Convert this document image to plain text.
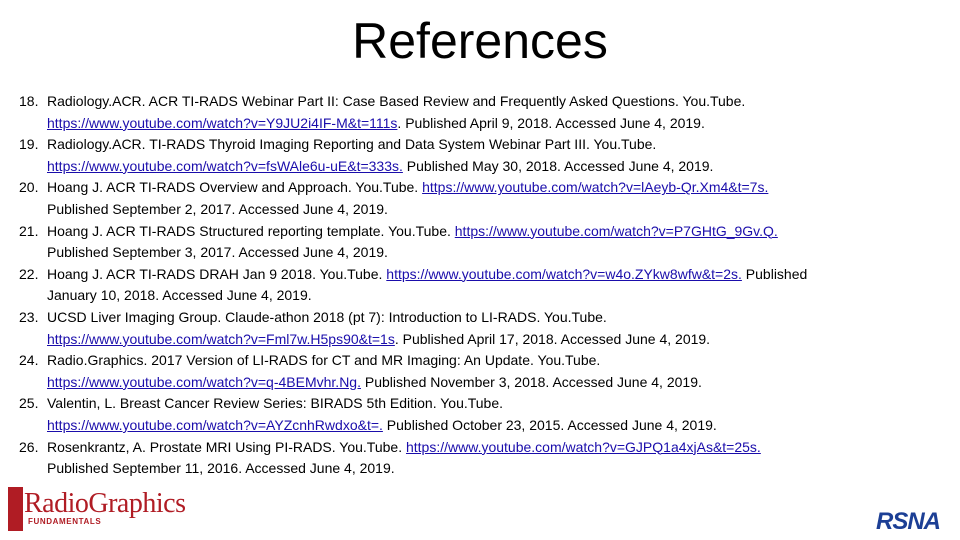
References
18. Radiology.ACR. ACR TI-RADS Webinar Part II: Case Based Review and Frequently Asked Questions. You.Tube.
https://www.youtube.com/watch?v=Y9JU2i4IF-M&t=111s. Published April 9, 2018. Accessed June 4, 2019.
19. Radiology.ACR. TI-RADS Thyroid Imaging Reporting and Data System Webinar Part III. You.Tube.
https://www.youtube.com/watch?v=fsWAle6u-uE&t=333s. Published May 30, 2018. Accessed June 4, 2019.
20. Hoang J. ACR TI-RADS Overview and Approach. You.Tube. https://www.youtube.com/watch?v=lAeyb-Qr.Xm4&t=7s.
Published September 2, 2017. Accessed June 4, 2019.
21. Hoang J. ACR TI-RADS Structured reporting template. You.Tube. https://www.youtube.com/watch?v=P7GHtG_9Gv.Q.
Published September 3, 2017. Accessed June 4, 2019.
22. Hoang J. ACR TI-RADS DRAH Jan 9 2018. You.Tube. https://www.youtube.com/watch?v=w4o.ZYkw8wfw&t=2s. Published
January 10, 2018. Accessed June 4, 2019.
23. UCSD Liver Imaging Group. Claude-athon 2018 (pt 7): Introduction to LI-RADS. You.Tube.
https://www.youtube.com/watch?v=Fml7w.H5ps90&t=1s. Published April 17, 2018. Accessed June 4, 2019.
24. Radio.Graphics. 2017 Version of LI-RADS for CT and MR Imaging: An Update. You.Tube.
https://www.youtube.com/watch?v=q-4BEMvhr.Ng. Published November 3, 2018. Accessed June 4, 2019.
25. Valentin, L. Breast Cancer Review Series: BIRADS 5th Edition. You.Tube.
https://www.youtube.com/watch?v=AYZcnhRwdxo&t=. Published October 23, 2015. Accessed June 4, 2019.
26. Rosenkrantz, A. Prostate MRI Using PI-RADS. You.Tube. https://www.youtube.com/watch?v=GJPQ1a4xjAs&t=25s.
Published September 11, 2016. Accessed June 4, 2019.
RadioGraphics
FUNDAMENTALS	RSNA
